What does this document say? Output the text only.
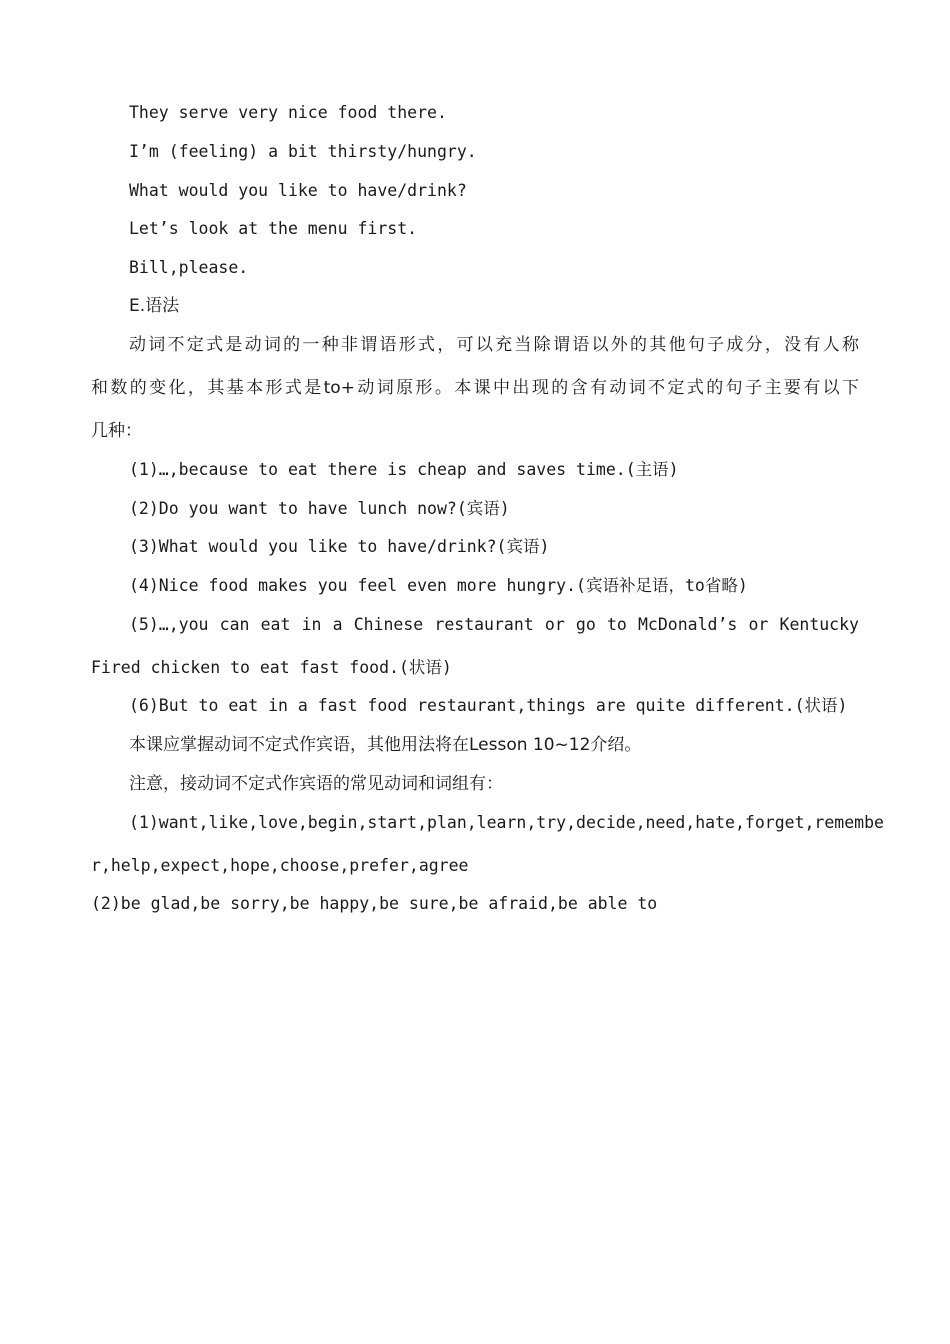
They serve very nice food there.
I’m (feeling) a bit thirsty/hungry.
What would you like to have/drink?
Let’s look at the menu first.
Bill,please.
E.语法
动词不定式是动词的一种非谓语形式，可以充当除谓语以外的其他句子成分，没有人称
和数的变化，其基本形式是to+动词原形。本课中出现的含有动词不定式的句子主要有以下
几种：
(1)…,because to eat there is cheap and saves time.(主语)
(2)Do you want to have lunch now?(宾语)
(3)What would you like to have/drink?(宾语)
(4)Nice food makes you feel even more hungry.(宾语补足语，to省略)
(5)…,you can eat in a Chinese restaurant or go to McDonald’s or Kentucky
Fired chicken to eat fast food.(状语)
(6)But to eat in a fast food restaurant,things are quite different.(状语)
本课应掌握动词不定式作宾语，其他用法将在Lesson 10~12介绍。
注意，接动词不定式作宾语的常见动词和词组有：
(1)want,like,love,begin,start,plan,learn,try,decide,need,hate,forget,remembe
r,help,expect,hope,choose,prefer,agree
(2)be glad,be sorry,be happy,be sure,be afraid,be able to
